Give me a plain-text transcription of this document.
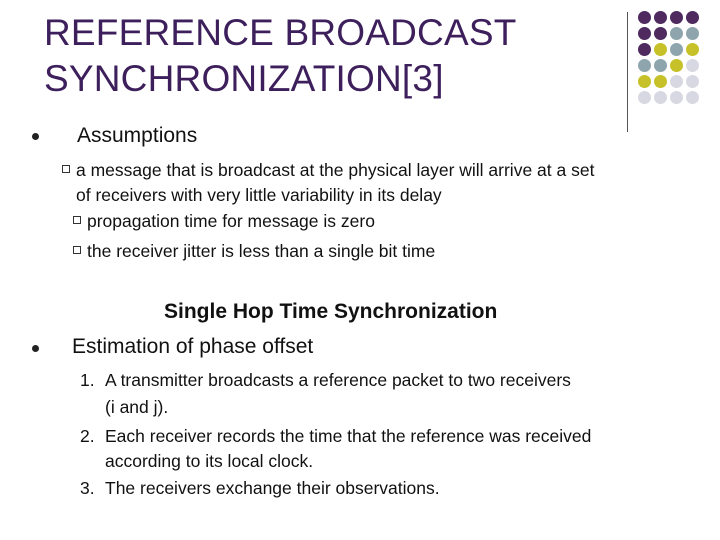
REFERENCE BROADCAST
SYNCHRONIZATION[3]
Assumptions
a message that is broadcast at the physical layer will arrive at a set
of receivers with very little variability in its delay
propagation time for message is zero
the receiver jitter is less than a single bit time
Single Hop Time Synchronization
Estimation of phase offset
1. A transmitter broadcasts a reference packet to two receivers
(i and j).
2. Each receiver records the time that the reference was received
according to its local clock.
3. The receivers exchange their observations.
